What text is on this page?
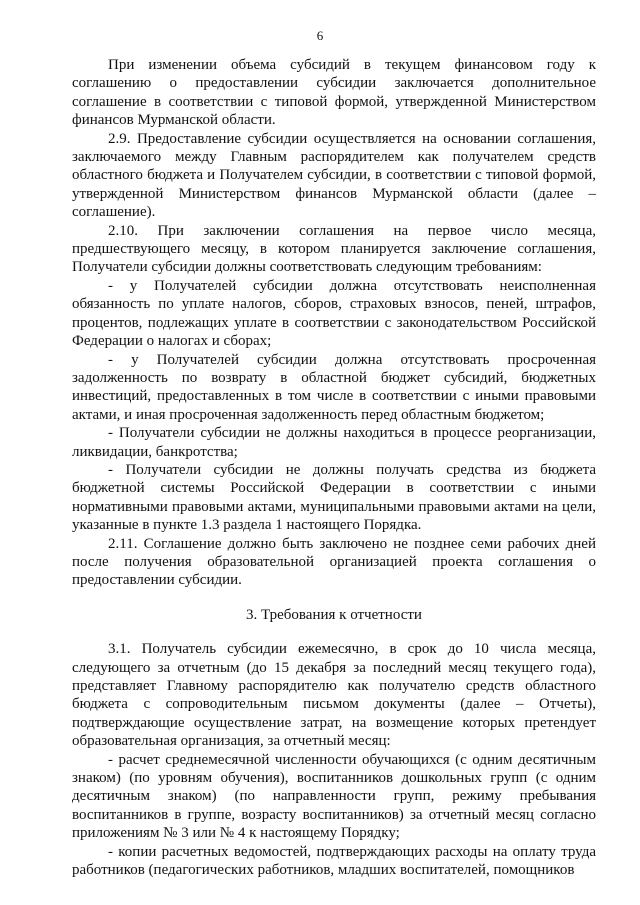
6

При изменении объема субсидий в текущем финансовом году к соглашению о предоставлении субсидии заключается дополнительное соглашение в соответствии с типовой формой, утвержденной Министерством финансов Мурманской области.

2.9. Предоставление субсидии осуществляется на основании соглашения, заключаемого между Главным распорядителем как получателем средств областного бюджета и Получателем субсидии, в соответствии с типовой формой, утвержденной Министерством финансов Мурманской области (далее – соглашение).

2.10. При заключении соглашения на первое число месяца, предшествующего месяцу, в котором планируется заключение соглашения, Получатели субсидии должны соответствовать следующим требованиям:

- у Получателей субсидии должна отсутствовать неисполненная обязанность по уплате налогов, сборов, страховых взносов, пеней, штрафов, процентов, подлежащих уплате в соответствии с законодательством Российской Федерации о налогах и сборах;

- у Получателей субсидии должна отсутствовать просроченная задолженность по возврату в областной бюджет субсидий, бюджетных инвестиций, предоставленных в том числе в соответствии с иными правовыми актами, и иная просроченная задолженность перед областным бюджетом;

- Получатели субсидии не должны находиться в процессе реорганизации, ликвидации, банкротства;

- Получатели субсидии не должны получать средства из бюджета бюджетной системы Российской Федерации в соответствии с иными нормативными правовыми актами, муниципальными правовыми актами на цели, указанные в пункте 1.3 раздела 1 настоящего Порядка.

2.11. Соглашение должно быть заключено не позднее семи рабочих дней после получения образовательной организацией проекта соглашения о предоставлении субсидии.

3. Требования к отчетности

3.1. Получатель субсидии ежемесячно, в срок до 10 числа месяца, следующего за отчетным (до 15 декабря за последний месяц текущего года), представляет Главному распорядителю как получателю средств областного бюджета с сопроводительным письмом документы (далее – Отчеты), подтверждающие осуществление затрат, на возмещение которых претендует образовательная организация, за отчетный месяц:

- расчет среднемесячной численности обучающихся (с одним десятичным знаком) (по уровням обучения), воспитанников дошкольных групп (с одним десятичным знаком) (по направленности групп, режиму пребывания воспитанников в группе, возрасту воспитанников) за отчетный месяц согласно приложениям № 3 или № 4 к настоящему Порядку;

- копии расчетных ведомостей, подтверждающих расходы на оплату труда работников (педагогических работников, младших воспитателей, помощников
